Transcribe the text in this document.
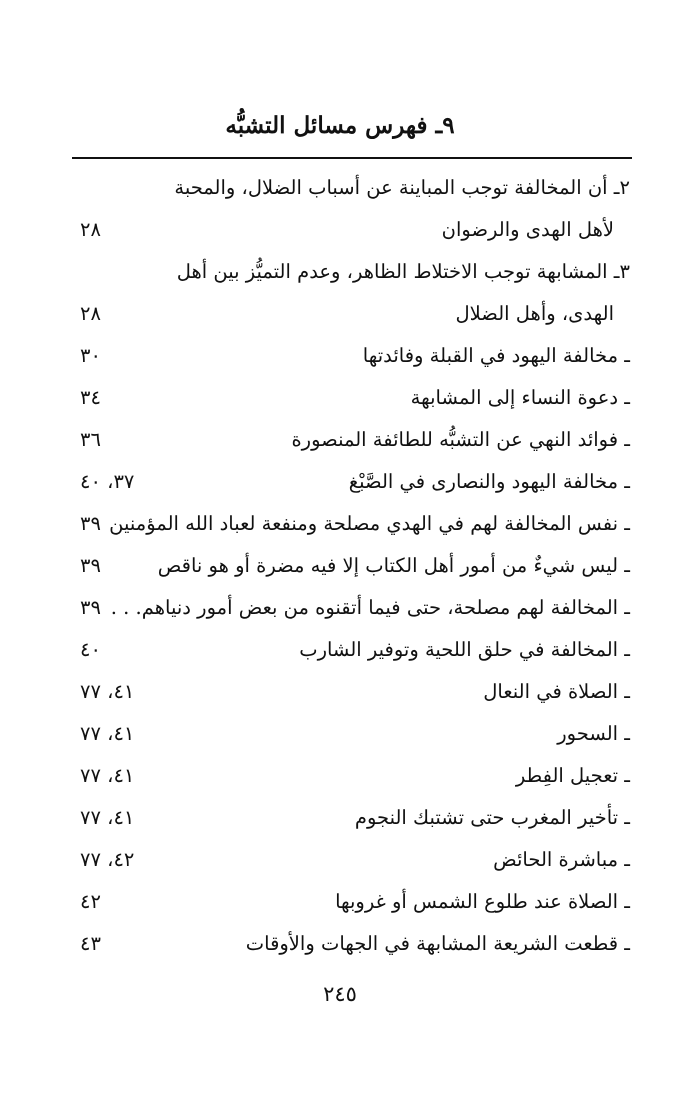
٩ـ فهرس مسائل التشبُّه
٢ـ أن المخالفة توجب المباينة عن أسباب الضلال، والمحبة
لأهل الهدى والرضوان
٢٨
٣ـ المشابهة توجب الاختلاط الظاهر، وعدم التميُّز بين أهل
الهدى، وأهل الضلال
٢٨
ـ مخالفة اليهود في القبلة وفائدتها
٣٠
ـ دعوة النساء إلى المشابهة
٣٤
ـ فوائد النهي عن التشبُّه للطائفة المنصورة
٣٦
ـ مخالفة اليهود والنصارى في الصَّبْغ
٣٧، ٤٠
ـ نفس المخالفة لهم في الهدي مصلحة ومنفعة لعباد الله المؤمنين
٣٩
ـ ليس شيءٌ من أمور أهل الكتاب إلا فيه مضرة أو هو ناقص
٣٩
ـ المخالفة لهم مصلحة، حتى فيما أتقنوه من بعض أمور دنياهم. . .
٣٩
ـ المخالفة في حلق اللحية وتوفير الشارب
٤٠
ـ الصلاة في النعال
٤١، ٧٧
ـ السحور
٤١، ٧٧
ـ تعجيل الفِطر
٤١، ٧٧
ـ تأخير المغرب حتى تشتبك النجوم
٤١، ٧٧
ـ مباشرة الحائض
٤٢، ٧٧
ـ الصلاة عند طلوع الشمس أو غروبها
٤٢
ـ قطعت الشريعة المشابهة في الجهات والأوقات
٤٣
٢٤٥
